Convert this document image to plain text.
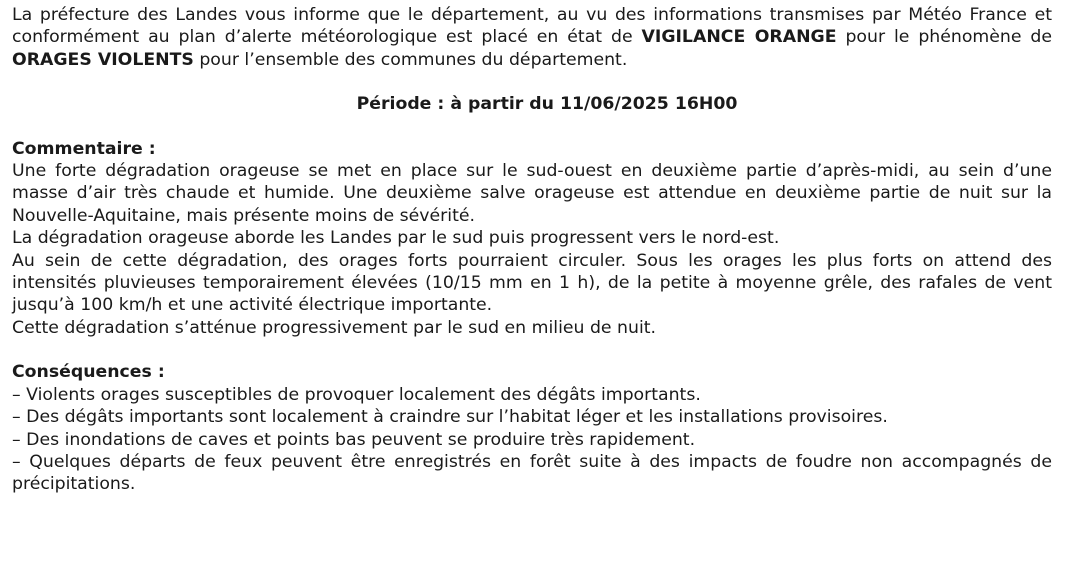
La préfecture des Landes vous informe que le département, au vu des informations transmises par Météo France et conformément au plan d’alerte météorologique est placé en état de VIGILANCE ORANGE pour le phénomène de ORAGES VIOLENTS pour l’ensemble des communes du département.

Période : à partir du 11/06/2025 16H00

Commentaire :

Une forte dégradation orageuse se met en place sur le sud-ouest en deuxième partie d’après-midi, au sein d’une masse d’air très chaude et humide. Une deuxième salve orageuse est attendue en deuxième partie de nuit sur la Nouvelle-Aquitaine, mais présente moins de sévérité.

La dégradation orageuse aborde les Landes par le sud puis progressent vers le nord-est.

Au sein de cette dégradation, des orages forts pourraient circuler. Sous les orages les plus forts on attend des intensités pluvieuses temporairement élevées (10/15 mm en 1 h), de la petite à moyenne grêle, des rafales de vent jusqu’à 100 km/h et une activité électrique importante.

Cette dégradation s’atténue progressivement par le sud en milieu de nuit.

Conséquences :

– Violents orages susceptibles de provoquer localement des dégâts importants.
– Des dégâts importants sont localement à craindre sur l’habitat léger et les installations provisoires.
– Des inondations de caves et points bas peuvent se produire très rapidement.
– Quelques départs de feux peuvent être enregistrés en forêt suite à des impacts de foudre non accompagnés de précipitations.
